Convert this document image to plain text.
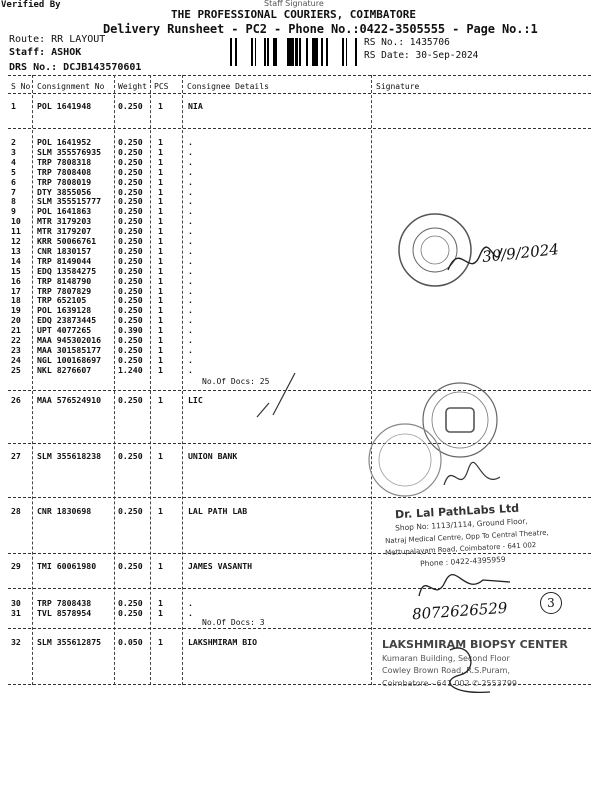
Verified By	Staff Signature
THE PROFESSIONAL COURIERS, COIMBATORE
Delivery Runsheet - PC2 - Phone No.:0422-3505555 - Page No.:1
Route: RR LAYOUT
Staff: ASHOK
DRS No.: DCJB143570601
RS No.: 1435706
RS Date: 30-Sep-2024
S No Consignment No Weight PCS Consignee Details	Signature
1	POL 1641948	0.250 1	NIA
2	POL 1641952	0.250 1	.
3	SLM 355576935 0.250 1	.
4	TRP 7808318	0.250 1	.
5	TRP 7808408	0.250 1	.
6	TRP 7808019	0.250 1	.
7	DTY 3855056	0.250 1	.
8	SLM 355515777 0.250 1	.
9	POL 1641863	0.250 1	.
10 MTR 3179203	0.250 1	.
11 MTR 3179207	0.250 1	.
12 KRR 50066761	0.250 1	.
13 CNR 1830157	0.250 1	.
14 TRP 8149044	0.250 1	.
15 EDQ 13584275	0.250 1	.
16 TRP 8148790	0.250 1	.
17 TRP 7807829	0.250 1	.
18 TRP 652105	0.250 1	.
19 POL 1639128	0.250 1	.
20 EDQ 23873445	0.250 1	.
21 UPT 4077265	0.390 1	.
22 MAA 945302016 0.250 1	.
23 MAA 301585177 0.250 1	.
24 NGL 100168697 0.250 1	.
25 NKL 8276607	1.240 1	.
No.Of Docs: 25
26 MAA 576524910 0.250 1	LIC
27 SLM 355618238 0.250 1	UNION BANK
28 CNR 1830698	0.250 1	LAL PATH LAB
29 TMI 60061980	0.250 1	JAMES VASANTH
30 TRP 7808438	0.250 1	.
31 TVL 8578954	0.250 1	.
No.Of Docs: 3
32 SLM 355612875 0.050 1	LAKSHMIRAM BIO
30/9/2024
Dr. Lal PathLabs Ltd
Shop No: 1113/1114, Ground Floor,
Natraj Medical Centre, Opp To Central Theatre,
Mettupalayam Road, Coimbatore - 641 002
Phone : 0422-4395959
8072626529	3
LAKSHMIRAM BIOPSY CENTER
Kumaran Building, Second Floor
Cowley Brown Road, R.S.Puram,
Coimbatore - 641 002 ✆ 2553799
